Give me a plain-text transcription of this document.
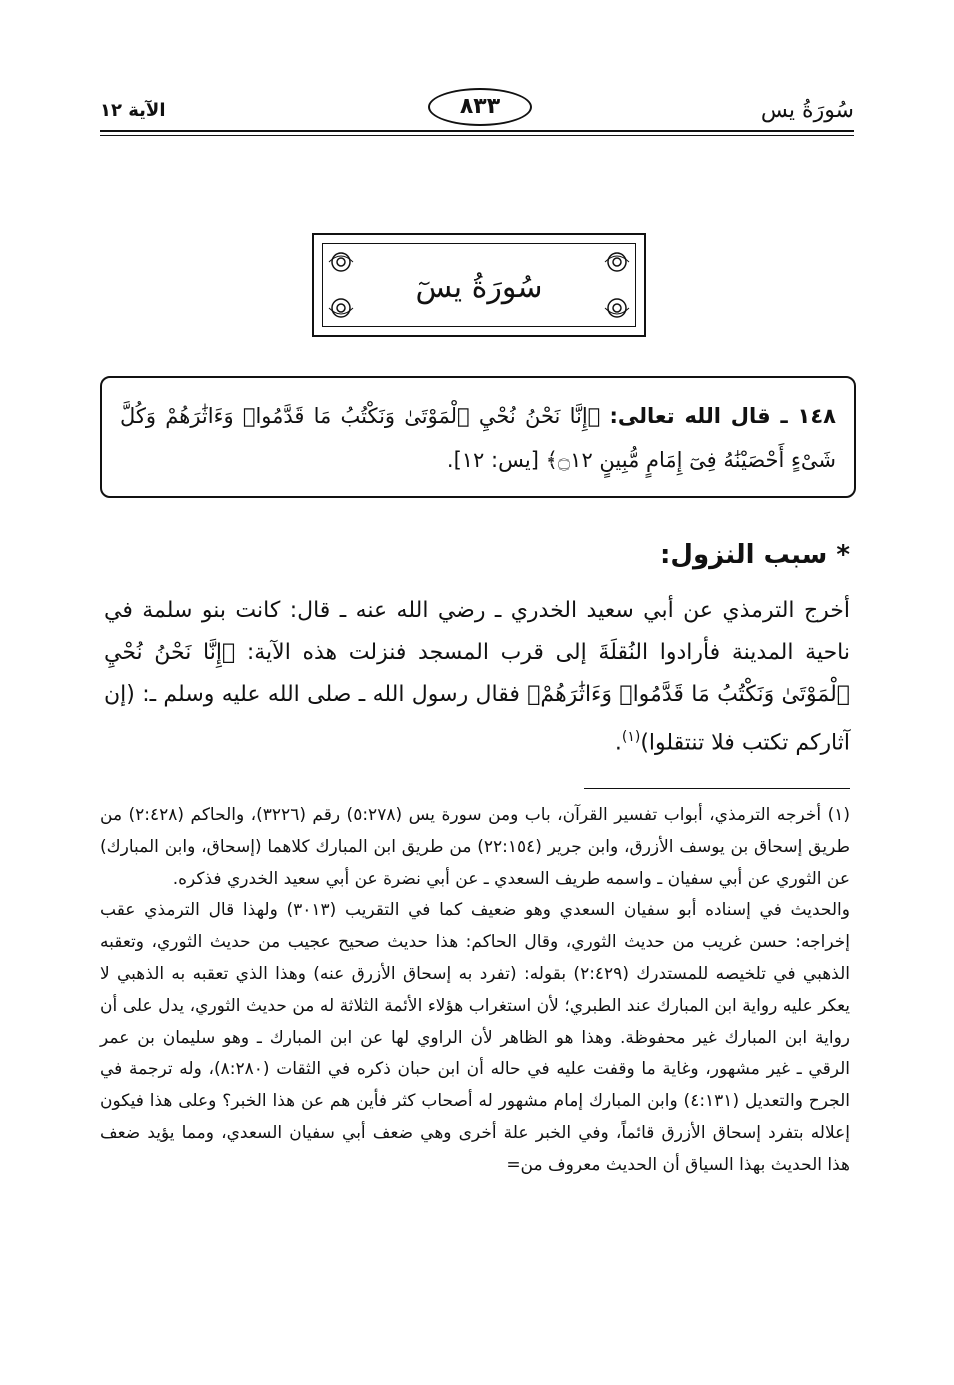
سُورَةُ يس
٨٣٣
الآية ١٢
سُورَةُ يسٓ
١٤٨ ـ قال الله تعالى: ﴿إِنَّا نَحْنُ نُحْيِ ٱلْمَوْتَىٰ وَنَكْتُبُ مَا قَدَّمُوا۟ وَءَاثَٰرَهُمْ وَكُلَّ شَىْءٍ أَحْصَيْنَٰهُ فِىٓ إِمَامٍ مُّبِينٍ ۝١٢﴾ [يس: ١٢].
* سبب النزول:
أخرج الترمذي عن أبي سعيد الخدري ـ رضي الله عنه ـ قال: كانت بنو سلمة في ناحية المدينة فأرادوا النُقلَةَ إلى قرب المسجد فنزلت هذه الآية: ﴿إِنَّا نَحْنُ نُحْيِ ٱلْمَوْتَىٰ وَنَكْتُبُ مَا قَدَّمُوا۟ وَءَاثَٰرَهُمْ﴾ فقال رسول الله ـ صلى الله عليه وسلم ـ: (إن آثاركم تكتب فلا تنتقلوا)$^{(١)}$.

(١) أخرجه الترمذي، أبواب تفسير القرآن، باب ومن سورة يس (٥:٢٧٨) رقم (٣٢٢٦)، والحاكم (٢:٤٢٨) من طريق إسحاق بن يوسف الأزرق، وابن جرير (٢٢:١٥٤) من طريق ابن المبارك كلاهما (إسحاق، وابن المبارك) عن الثوري عن أبي سفيان ـ واسمه طريف السعدي ـ عن أبي نضرة عن أبي سعيد الخدري فذكره.

والحديث في إسناده أبو سفيان السعدي وهو ضعيف كما في التقريب (٣٠١٣) ولهذا قال الترمذي عقب إخراجه: حسن غريب من حديث الثوري، وقال الحاكم: هذا حديث صحيح عجيب من حديث الثوري، وتعقبه الذهبي في تلخيصه للمستدرك (٢:٤٢٩) بقوله: (تفرد به إسحاق الأزرق عنه) وهذا الذي تعقبه به الذهبي لا يعكر عليه رواية ابن المبارك عند الطبري؛ لأن استغراب هؤلاء الأئمة الثلاثة له من حديث الثوري، يدل على أن رواية ابن المبارك غير محفوظة. وهذا هو الظاهر لأن الراوي لها عن ابن المبارك ـ وهو سليمان بن عمر الرقي ـ غير مشهور، وغاية ما وقفت عليه في حاله أن ابن حبان ذكره في الثقات (٨:٢٨٠)، وله ترجمة في الجرح والتعديل (٤:١٣١) وابن المبارك إمام مشهور له أصحاب كثر فأين هم عن هذا الخبر؟ وعلى هذا فيكون إعلاله بتفرد إسحاق الأزرق قائماً، وفي الخبر علة أخرى وهي ضعف أبي سفيان السعدي، ومما يؤيد ضعف هذا الحديث بهذا السياق أن الحديث معروف من=
